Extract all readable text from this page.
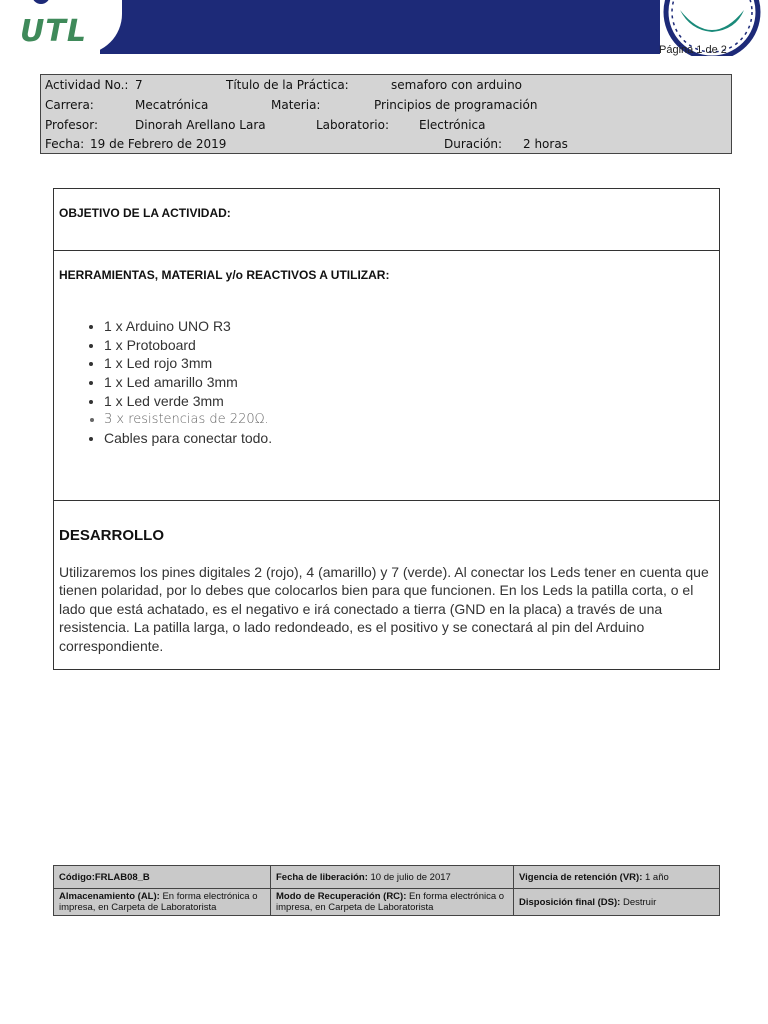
UTL
Página 1 de 2
Actividad No.: 7	Título de la Práctica:	semaforo con arduino
Carrera:	Mecatrónica	Materia:	Principios de programación
Profesor:	Dinorah Arellano Lara	Laboratorio:	Electrónica
Fecha: 19 de Febrero de 2019	Duración: 2 horas
OBJETIVO DE LA ACTIVIDAD:
HERRAMIENTAS, MATERIAL y/o REACTIVOS A UTILIZAR:
• 1 x Arduino UNO R3
• 1 x Protoboard
• 1 x Led rojo 3mm
• 1 x Led amarillo 3mm
• 1 x Led verde 3mm
• 3 x resistencias de 220Ω.
• Cables para conectar todo.
DESARROLLO
Utilizaremos los pines digitales 2 (rojo), 4 (amarillo) y 7 (verde). Al conectar los Leds tener en cuenta que tienen polaridad, por lo debes que colocarlos bien para que funcionen. En los Leds la patilla corta, o el lado que está achatado, es el negativo e irá conectado a tierra (GND en la placa) a través de una resistencia. La patilla larga, o lado redondeado, es el positivo y se conectará al pin del Arduino correspondiente.
Código:FRLAB08_B	Fecha de liberación: 10 de julio de 2017	Vigencia de retención (VR): 1 año
Almacenamiento (AL): En forma electrónica o impresa, en Carpeta de Laboratorista	Modo de Recuperación (RC): En forma electrónica o impresa, en Carpeta de Laboratorista	Disposición final (DS): Destruir
